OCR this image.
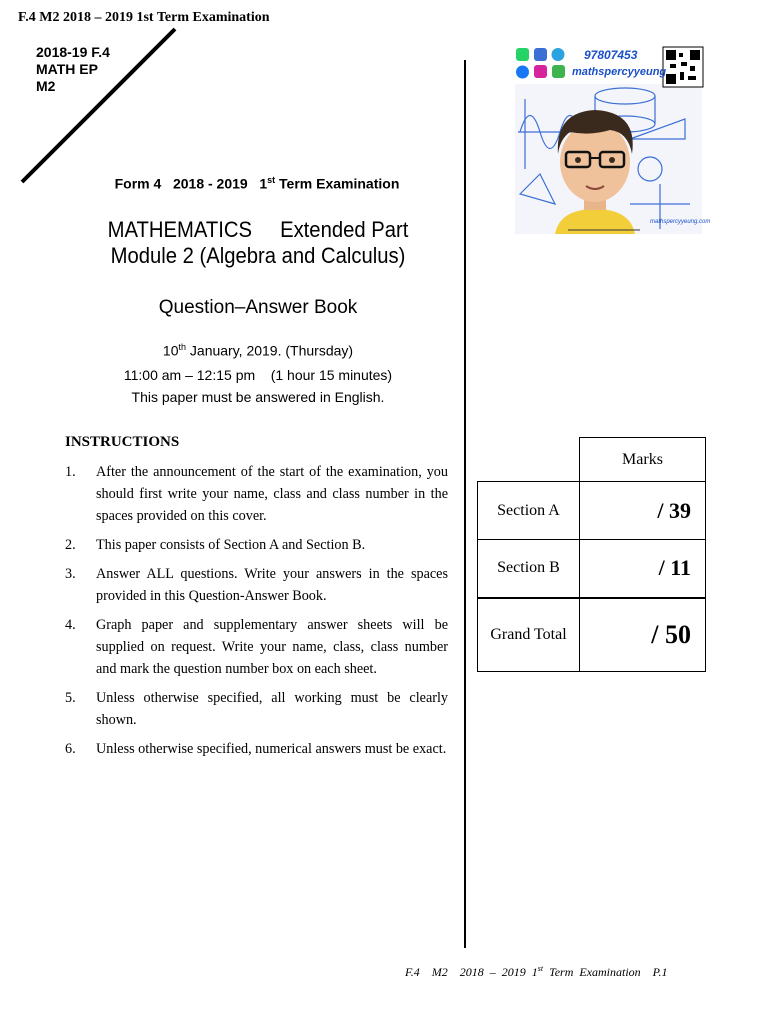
F.4 M2 2018 – 2019 1st Term Examination
2018-19 F.4
MATH EP
M2
Form 4   2018 - 2019   1st Term Examination
MATHEMATICS     Extended Part
Module 2 (Algebra and Calculus)
Question–Answer Book
10th January, 2019. (Thursday)
11:00 am – 12:15 pm    (1 hour 15 minutes)
This paper must be answered in English.
INSTRUCTIONS
1.	After the announcement of the start of the examination, you should first write your name, class and class number in the spaces provided on this cover.
2.	This paper consists of Section A and Section B.
3.	Answer ALL questions. Write your answers in the spaces provided in this Question-Answer Book.
4.	Graph paper and supplementary answer sheets will be supplied on request. Write your name, class, class number and mark the question number box on each sheet.
5.	Unless otherwise specified, all working must be clearly shown.
6.	Unless otherwise specified, numerical answers must be exact.
	Marks
Section A	/ 39
Section B	/ 11
Grand Total	/ 50
97807453
mathspercyyeung
mathspercyyeung.com
F.4    M2    2018  –  2019  1st  Term  Examination    P.1
